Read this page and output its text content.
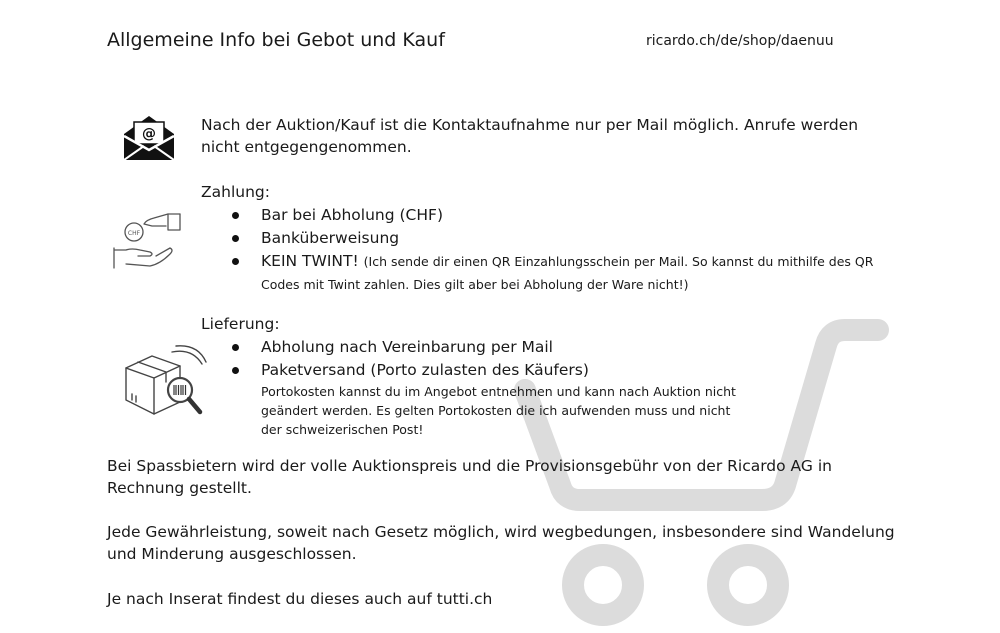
Allgemeine Info bei Gebot und Kauf	ricardo.ch/de/shop/daenuu
@	Nach der Auktion/Kauf ist die Kontaktaufnahme nur per Mail möglich. Anrufe werden nicht entgegengenommen.
CHF
Zahlung:
Bar bei Abholung (CHF)
Banküberweisung
KEIN TWINT! (Ich sende dir einen QR Einzahlungsschein per Mail. So kannst du mithilfe des QR Codes mit Twint zahlen. Dies gilt aber bei Abholung der Ware nicht!)
Lieferung:
Abholung nach Vereinbarung per Mail
Paketversand (Porto zulasten des Käufers)
Portokosten kannst du im Angebot entnehmen und kann nach Auktion nicht geändert werden. Es gelten Portokosten die ich aufwenden muss und nicht der schweizerischen Post!
Bei Spassbietern wird der volle Auktionspreis und die Provisionsgebühr von der Ricardo AG in Rechnung gestellt.
Jede Gewährleistung, soweit nach Gesetz möglich, wird wegbedungen, insbesondere sind Wandelung und Minderung ausgeschlossen.
Je nach Inserat findest du dieses auch auf tutti.ch
